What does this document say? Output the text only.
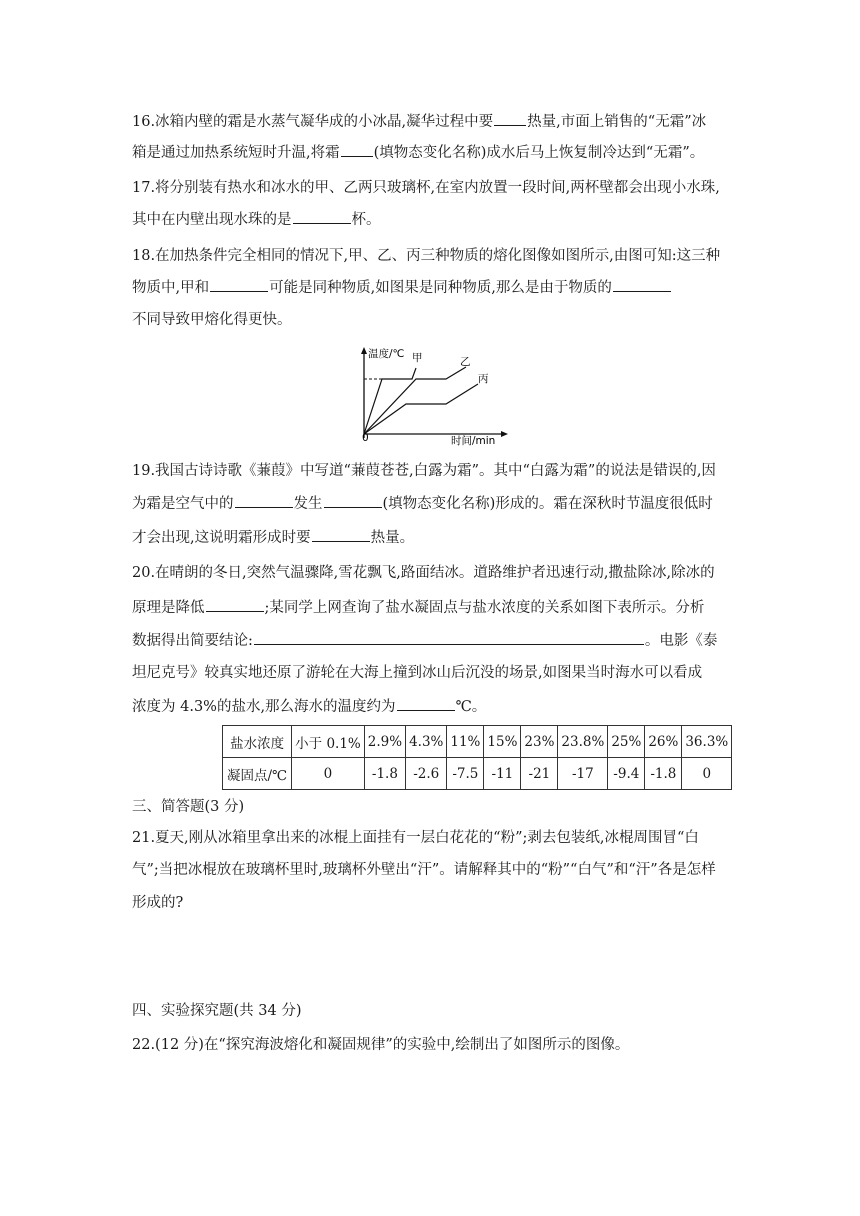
16.冰箱内壁的霜是水蒸气凝华成的小冰晶,凝华过程中要 热量,市面上销售的“无霜”冰
箱是通过加热系统短时升温,将霜 (填物态变化名称)成水后马上恢复制冷达到“无霜”。
17.将分别装有热水和冰水的甲、乙两只玻璃杯,在室内放置一段时间,两杯壁都会出现小水珠,
其中在内壁出现水珠的是	杯。
18.在加热条件完全相同的情况下,甲、乙、丙三种物质的熔化图像如图所示,由图可知:这三种
物质中,甲和	可能是同种物质,如图果是同种物质,那么是由于物质的
不同导致甲熔化得更快。
温度/℃ 甲	乙
丙
0	时间/min
19.我国古诗诗歌《蒹葭》中写道“蒹葭苍苍,白露为霜”。其中“白露为霜”的说法是错误的,因
为霜是空气中的	发生	(填物态变化名称)形成的。霜在深秋时节温度很低时
才会出现,这说明霜形成时要	热量。
20.在晴朗的冬日,突然气温骤降,雪花飘飞,路面结冰。道路维护者迅速行动,撒盐除冰,除冰的
原理是降低	;某同学上网查询了盐水凝固点与盐水浓度的关系如图下表所示。分析
数据得出简要结论:	。电影《泰
坦尼克号》较真实地还原了游轮在大海上撞到冰山后沉没的场景,如图果当时海水可以看成
浓度为 4.3%的盐水,那么海水的温度约为	℃。
盐水浓度	小于 0.1%	2.9%	4.3%	11%	15%	23%	23.8%	25%	26%	36.3%
凝固点/℃	0	-1.8	-2.6	-7.5	-11	-21	-17	-9.4	-1.8	0
三、简答题(3 分)
21.夏天,刚从冰箱里拿出来的冰棍上面挂有一层白花花的“粉”;剥去包装纸,冰棍周围冒“白
气”;当把冰棍放在玻璃杯里时,玻璃杯外壁出“汗”。请解释其中的“粉”“白气”和“汗”各是怎样
形成的?
四、实验探究题(共 34 分)
22.(12 分)在“探究海波熔化和凝固规律”的实验中,绘制出了如图所示的图像。
